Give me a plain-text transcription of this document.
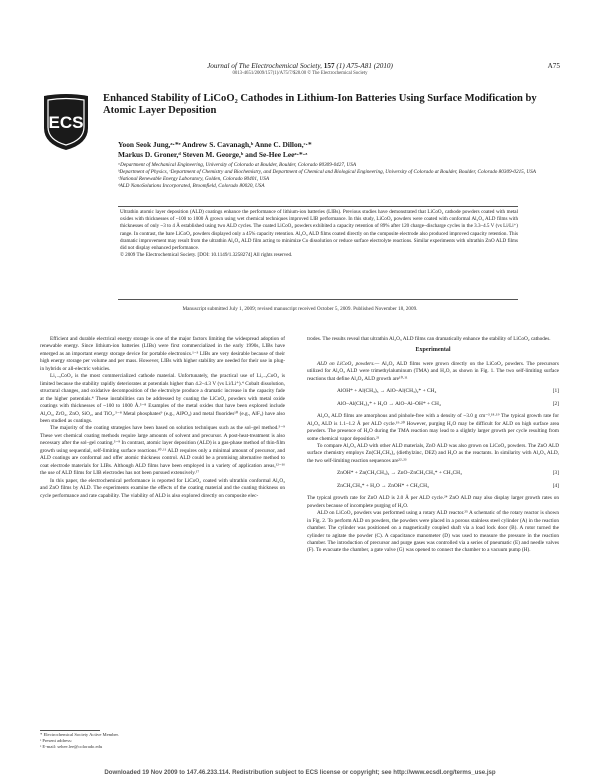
Journal of The Electrochemical Society, 157 (1) A75-A81 (2010)
0013-4651/2009/157(1)/A75/7/$28.00 © The Electrochemical Society
A75
ECS
Enhanced Stability of LiCoO₂ Cathodes in Lithium-Ion Batteries Using Surface Modification by Atomic Layer Deposition
Yoon Seok Jung,ᵃ·*ᵉ Andrew S. Cavanagh,ᵇ Anne C. Dillon,ᶜ·*
Markus D. Groner,ᵈ Steven M. George,ᵇ and Se-Hee Leeᵃ·*·ᶻ
ᵃDepartment of Mechanical Engineering, University of Colorado at Boulder, Boulder, Colorado 80309-0427, USA
ᵇDepartment of Physics, ᶜDepartment of Chemistry and Biochemistry, and Department of Chemical and Biological Engineering, University of Colorado at Boulder, Boulder, Colorado 80309-0215, USA
ᶜNational Renewable Energy Laboratory, Golden, Colorado 80401, USA
ᵈALD NanoSolutions Incorporated, Broomfield, Colorado 80020, USA
Ultrathin atomic layer deposition (ALD) coatings enhance the performance of lithium-ion batteries (LIBs). Previous studies have demonstrated that LiCoO₂ cathode powders coated with metal oxides with thicknesses of ~100 to 1000 Å grown using wet chemical techniques improved LIB performance. In this study, LiCoO₂ powders were coated with conformal Al₂O₃ ALD films with thicknesses of only ~3 to 4 Å established using two ALD cycles. The coated LiCoO₂ powders exhibited a capacity retention of 89% after 120 charge–discharge cycles in the 3.3–4.5 V (vs Li/Li⁺) range. In contrast, the bare LiCoO₂ powders displayed only a 45% capacity retention. Al₂O₃ ALD films coated directly on the composite electrode also produced improved capacity retention. This dramatic improvement may result from the ultrathin Al₂O₃ ALD film acting to minimize Co dissolution or reduce surface electrolyte reactions. Similar experiments with ultrathin ZnO ALD films did not display enhanced performance.
© 2009 The Electrochemical Society. [DOI: 10.1149/1.3258274] All rights reserved.
Manuscript submitted July 1, 2009; revised manuscript received October 5, 2009. Published November 18, 2009.

Efficient and durable electrical energy storage is one of the major factors limiting the widespread adoption of renewable energy. Since lithium-ion batteries (LIBs) were first commercialized in the early 1990s, LIBs have emerged as an important energy storage device for portable electronics.¹⁻³ LIBs are very desirable because of their high energy storage per volume and per mass. However, LIBs with higher stability are needed for their use in plug-in hybrids or all-electric vehicles.

Li₁₋ₓCoO₂ is the most commercialized cathode material. Unfortunately, the practical use of Li₁₋ₓCoO₂ is limited because the stability rapidly deteriorates at potentials higher than 4.2–4.3 V (vs Li/Li⁺).⁴ Cobalt dissolution, structural changes, and oxidative decomposition of the electrolyte produce a dramatic increase in the capacity fade at the higher potentials.⁴ These instabilities can be addressed by coating the LiCoO₂ powders with metal oxide coatings with thicknesses of ~100 to 1000 Å.⁵⁻⁸ Examples of the metal oxides that have been explored include Al₂O₃, ZrO₂, ZnO, SiO₂, and TiO₂.⁵⁻⁸ Metal phosphates⁹ (e.g., AlPO₄) and metal fluorides¹⁰ (e.g., AlF₃) have also been studied as coatings.

The majority of the coating strategies have been based on solution techniques such as the sol–gel method.⁵⁻⁹ These wet chemical coating methods require large amounts of solvent and precursor. A post-heat-treatment is also necessary after the sol–gel coating.⁵⁻⁹ In contrast, atomic layer deposition (ALD) is a gas-phase method of thin-film growth using sequential, self-limiting surface reactions.¹⁰·¹¹ ALD requires only a minimal amount of precursor, and ALD coatings are conformal and offer atomic thickness control. ALD could be a promising alternative method to coat electrode materials for LIBs. Although ALD films have been employed in a variety of application areas,¹²⁻¹⁶ the use of ALD films for LIB electrodes has not been pursued extensively.¹⁷

In this paper, the electrochemical performance is reported for LiCoO₂ coated with ultrathin conformal Al₂O₃ and ZnO films by ALD. The experiments examine the effects of the coating material and the coating thickness on cycle performance and rate capability. The viability of ALD is also explored directly on composite elec-

* Electrochemical Society Active Member.
ᵉ Present address:
ᶻ E-mail: sehee.lee@colorado.edu

trodes. The results reveal that ultrathin Al₂O₃ ALD films can dramatically enhance the stability of LiCoO₂ cathodes.

Experimental

ALD on LiCoO₂ powders.— Al₂O₃ ALD films were grown directly on the LiCoO₂ powders. The precursors utilized for Al₂O₃ ALD were trimethylaluminum (TMA) and H₂O, as shown in Fig. 1. The two self-limiting surface reactions that define Al₂O₃ ALD growth are¹⁰·¹¹

AlOH* + Al(CH₃)₃ → AlO–Al(CH₃)₂* + CH₄	[1]
AlO–Al(CH₃)₂* + H₂O → AlO–Al–OH* + CH₄	[2]

Al₂O₃ ALD films are amorphous and pinhole-free with a density of ~3.0 g cm⁻³.¹⁸·¹⁹ The typical growth rate for Al₂O₃ ALD is 1.1–1.2 Å per ALD cycle.¹⁹·²⁰ However, purging H₂O may be difficult for ALD on high surface area powders. The presence of H₂O during the TMA reaction may lead to a slightly larger growth per cycle resulting from some chemical vapor deposition.²¹

To compare Al₂O₃ ALD with other ALD materials, ZnO ALD was also grown on LiCoO₂ powders. The ZnO ALD surface chemistry employs Zn(CH₂CH₃)₂ (diethylzinc, DEZ) and H₂O as the reactants. In similarity with Al₂O₃ ALD, the two self-limiting reaction sequences are²²·²³

ZnOH* + Zn(CH₂CH₃)₂ → ZnO–ZnCH₂CH₃* + CH₃CH₃	[3]
ZnCH₂CH₃* + H₂O → ZnOH* + CH₃CH₃	[4]

The typical growth rate for ZnO ALD is 2.0 Å per ALD cycle.²⁴ ZnO ALD may also display larger growth rates on powders because of incomplete purging of H₂O.

ALD on LiCoO₂ powders was performed using a rotary ALD reactor.²⁵ A schematic of the rotary reactor is shown in Fig. 2. To perform ALD on powders, the powders were placed in a porous stainless steel cylinder (A) in the reaction chamber. The cylinder was positioned on a magnetically coupled shaft via a load lock door (B). A rotor turned the cylinder to agitate the powder (C). A capacitance manometer (D) was used to measure the pressure in the reaction chamber. The introduction of precursor and purge gases was controlled via a series of pneumatic (E) and needle valves (F). To evacuate the chamber, a gate valve (G) was opened to connect the chamber to a vacuum pump (H).

Downloaded 19 Nov 2009 to 147.46.233.114. Redistribution subject to ECS license or copyright; see http://www.ecsdl.org/terms_use.jsp
